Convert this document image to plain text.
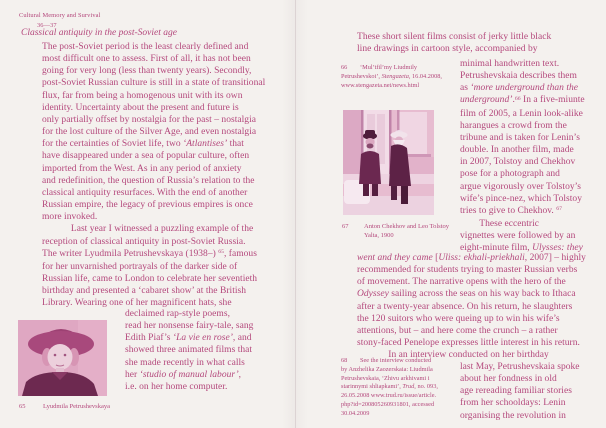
Cultural Memory and Survival
36—37
Classical antiquity in the post-Soviet age
The post-Soviet period is the least clearly defined and
most difficult one to assess. First of all, it has not been
going for very long (less than twenty years). Secondly,
post-Soviet Russian culture is still in a state of transitional
flux, far from being a homogenous unit with its own
identity. Uncertainty about the present and future is
only partially offset by nostalgia for the past – nostalgia
for the lost culture of the Silver Age, and even nostalgia
for the certainties of Soviet life, two ‘Atlantises’ that
have disappeared under a sea of popular culture, often
imported from the West. As in any period of anxiety
and redefinition, the question of Russia’s relation to the
classical antiquity resurfaces. With the end of another
Russian empire, the legacy of previous empires is once
more invoked.
Last year I witnessed a puzzling example of the
reception of classical antiquity in post-Soviet Russia.
The writer Lyudmila Petrushevskaya (1938–) $^{65}$, famous
for her unvarnished portrayals of the darker side of
Russian life, came to London to celebrate her seventieth
birthday and presented a ‘cabaret show’ at the British
Library. Wearing one of her magnificent hats, she
declaimed rap-style poems,
read her nonsense fairy-tale, sang
Edith Piaf’s ‘La vie en rose’, and
showed three animated films that
she made recently in what calls
her ‘studio of manual labour’,
i.e. on her home computer.
65	Lyudmila Petrushevskaya
These short silent films consist of jerky little black
line drawings in cartoon style, accompanied by
minimal handwritten text.
Petrushevskaia describes them
as ‘more underground than the
underground’.$^{66}$ In a five-miunte
film of 2005, a Lenin look-alike
harangues a crowd from the
tribune and is taken for Lenin’s
double. In another film, made
in 2007, Tolstoy and Chekhov
pose for a photograph and
argue vigorously over Tolstoy’s
wife’s pince-nez, which Tolstoy
tries to give to Chekhov. $^{67}$
These eccentric
vignettes were followed by an
eight-minute film, Ulysses: they
went and they came [Uliss: ekhali-priekhali, 2007] – highly
recommended for students trying to master Russian verbs
of movement. The narrative opens with the hero of the
Odyssey sailing across the seas on his way back to Ithaca
after a twenty-year absence. On his return, he slaughters
the 120 suitors who were queing up to win his wife’s
attentions, but – and here come the crunch – a rather
stony-faced Penelope expresses little interest in his return.
In an interview conducted on her birthday
last May, Petrushevskaia spoke
about her fondness in old
age rereading familiar stories
from her schooldays: Lenin
organising the revolution in
66	‘Mul’tfil’my Liudmily
Petrushevskoi’, Stengazeta, 16.04.2008,
www.stengazeta.net/news.html
67	Anton Chekhov and Leo Tolstoy
Yalta, 1900
68	See the interview conducted
by Anzhelika Zaozerskaia: Liudmila
Petrushevskaia, ‘Zhivu arkhivami i
starinnymi shliapkami’, Trud, no. 093,
26.05.2008 www.trud.ru/issue/article.
php?id=200805260931801, accessed
30.04.2009
